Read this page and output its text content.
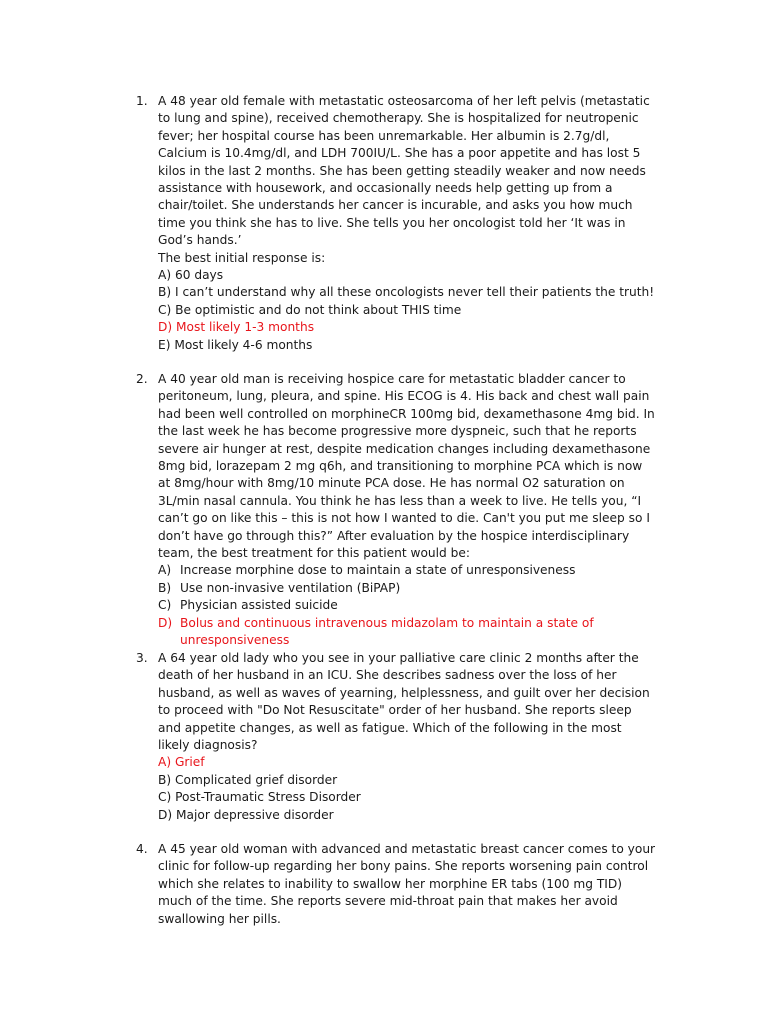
1. A 48 year old female with metastatic osteosarcoma of her left pelvis (metastatic to lung and spine), received chemotherapy. She is hospitalized for neutropenic fever; her hospital course has been unremarkable. Her albumin is 2.7g/dl, Calcium is 10.4mg/dl, and LDH 700IU/L. She has a poor appetite and has lost 5 kilos in the last 2 months. She has been getting steadily weaker and now needs assistance with housework, and occasionally needs help getting up from a chair/toilet. She understands her cancer is incurable, and asks you how much time you think she has to live. She tells you her oncologist told her ‘It was in God’s hands.’

The best initial response is:

A) 60 days

B) I can’t understand why all these oncologists never tell their patients the truth!

C) Be optimistic and do not think about THIS time

D) Most likely 1-3 months

E) Most likely 4-6 months

2. A 40 year old man is receiving hospice care for metastatic bladder cancer to peritoneum, lung, pleura, and spine. His ECOG is 4. His back and chest wall pain had been well controlled on morphineCR 100mg bid, dexamethasone 4mg bid. In the last week he has become progressive more dyspneic, such that he reports severe air hunger at rest, despite medication changes including dexamethasone 8mg bid, lorazepam 2 mg q6h, and transitioning to morphine PCA which is now at 8mg/hour with 8mg/10 minute PCA dose. He has normal O2 saturation on 3L/min nasal cannula. You think he has less than a week to live. He tells you, “I can’t go on like this – this is not how I wanted to die. Can't you put me sleep so I don’t have go through this?” After evaluation by the hospice interdisciplinary team, the best treatment for this patient would be:

A) Increase morphine dose to maintain a state of unresponsiveness
B) Use non-invasive ventilation (BiPAP)
C) Physician assisted suicide
D) Bolus and continuous intravenous midazolam to maintain a state of unresponsiveness
3. A 64 year old lady who you see in your palliative care clinic 2 months after the death of her husband in an ICU. She describes sadness over the loss of her husband, as well as waves of yearning, helplessness, and guilt over her decision to proceed with "Do Not Resuscitate" order of her husband. She reports sleep and appetite changes, as well as fatigue. Which of the following in the most likely diagnosis?

A) Grief

B) Complicated grief disorder

C) Post-Traumatic Stress Disorder

D) Major depressive disorder

4. A 45 year old woman with advanced and metastatic breast cancer comes to your clinic for follow-up regarding her bony pains. She reports worsening pain control which she relates to inability to swallow her morphine ER tabs (100 mg TID) much of the time. She reports severe mid-throat pain that makes her avoid swallowing her pills.
